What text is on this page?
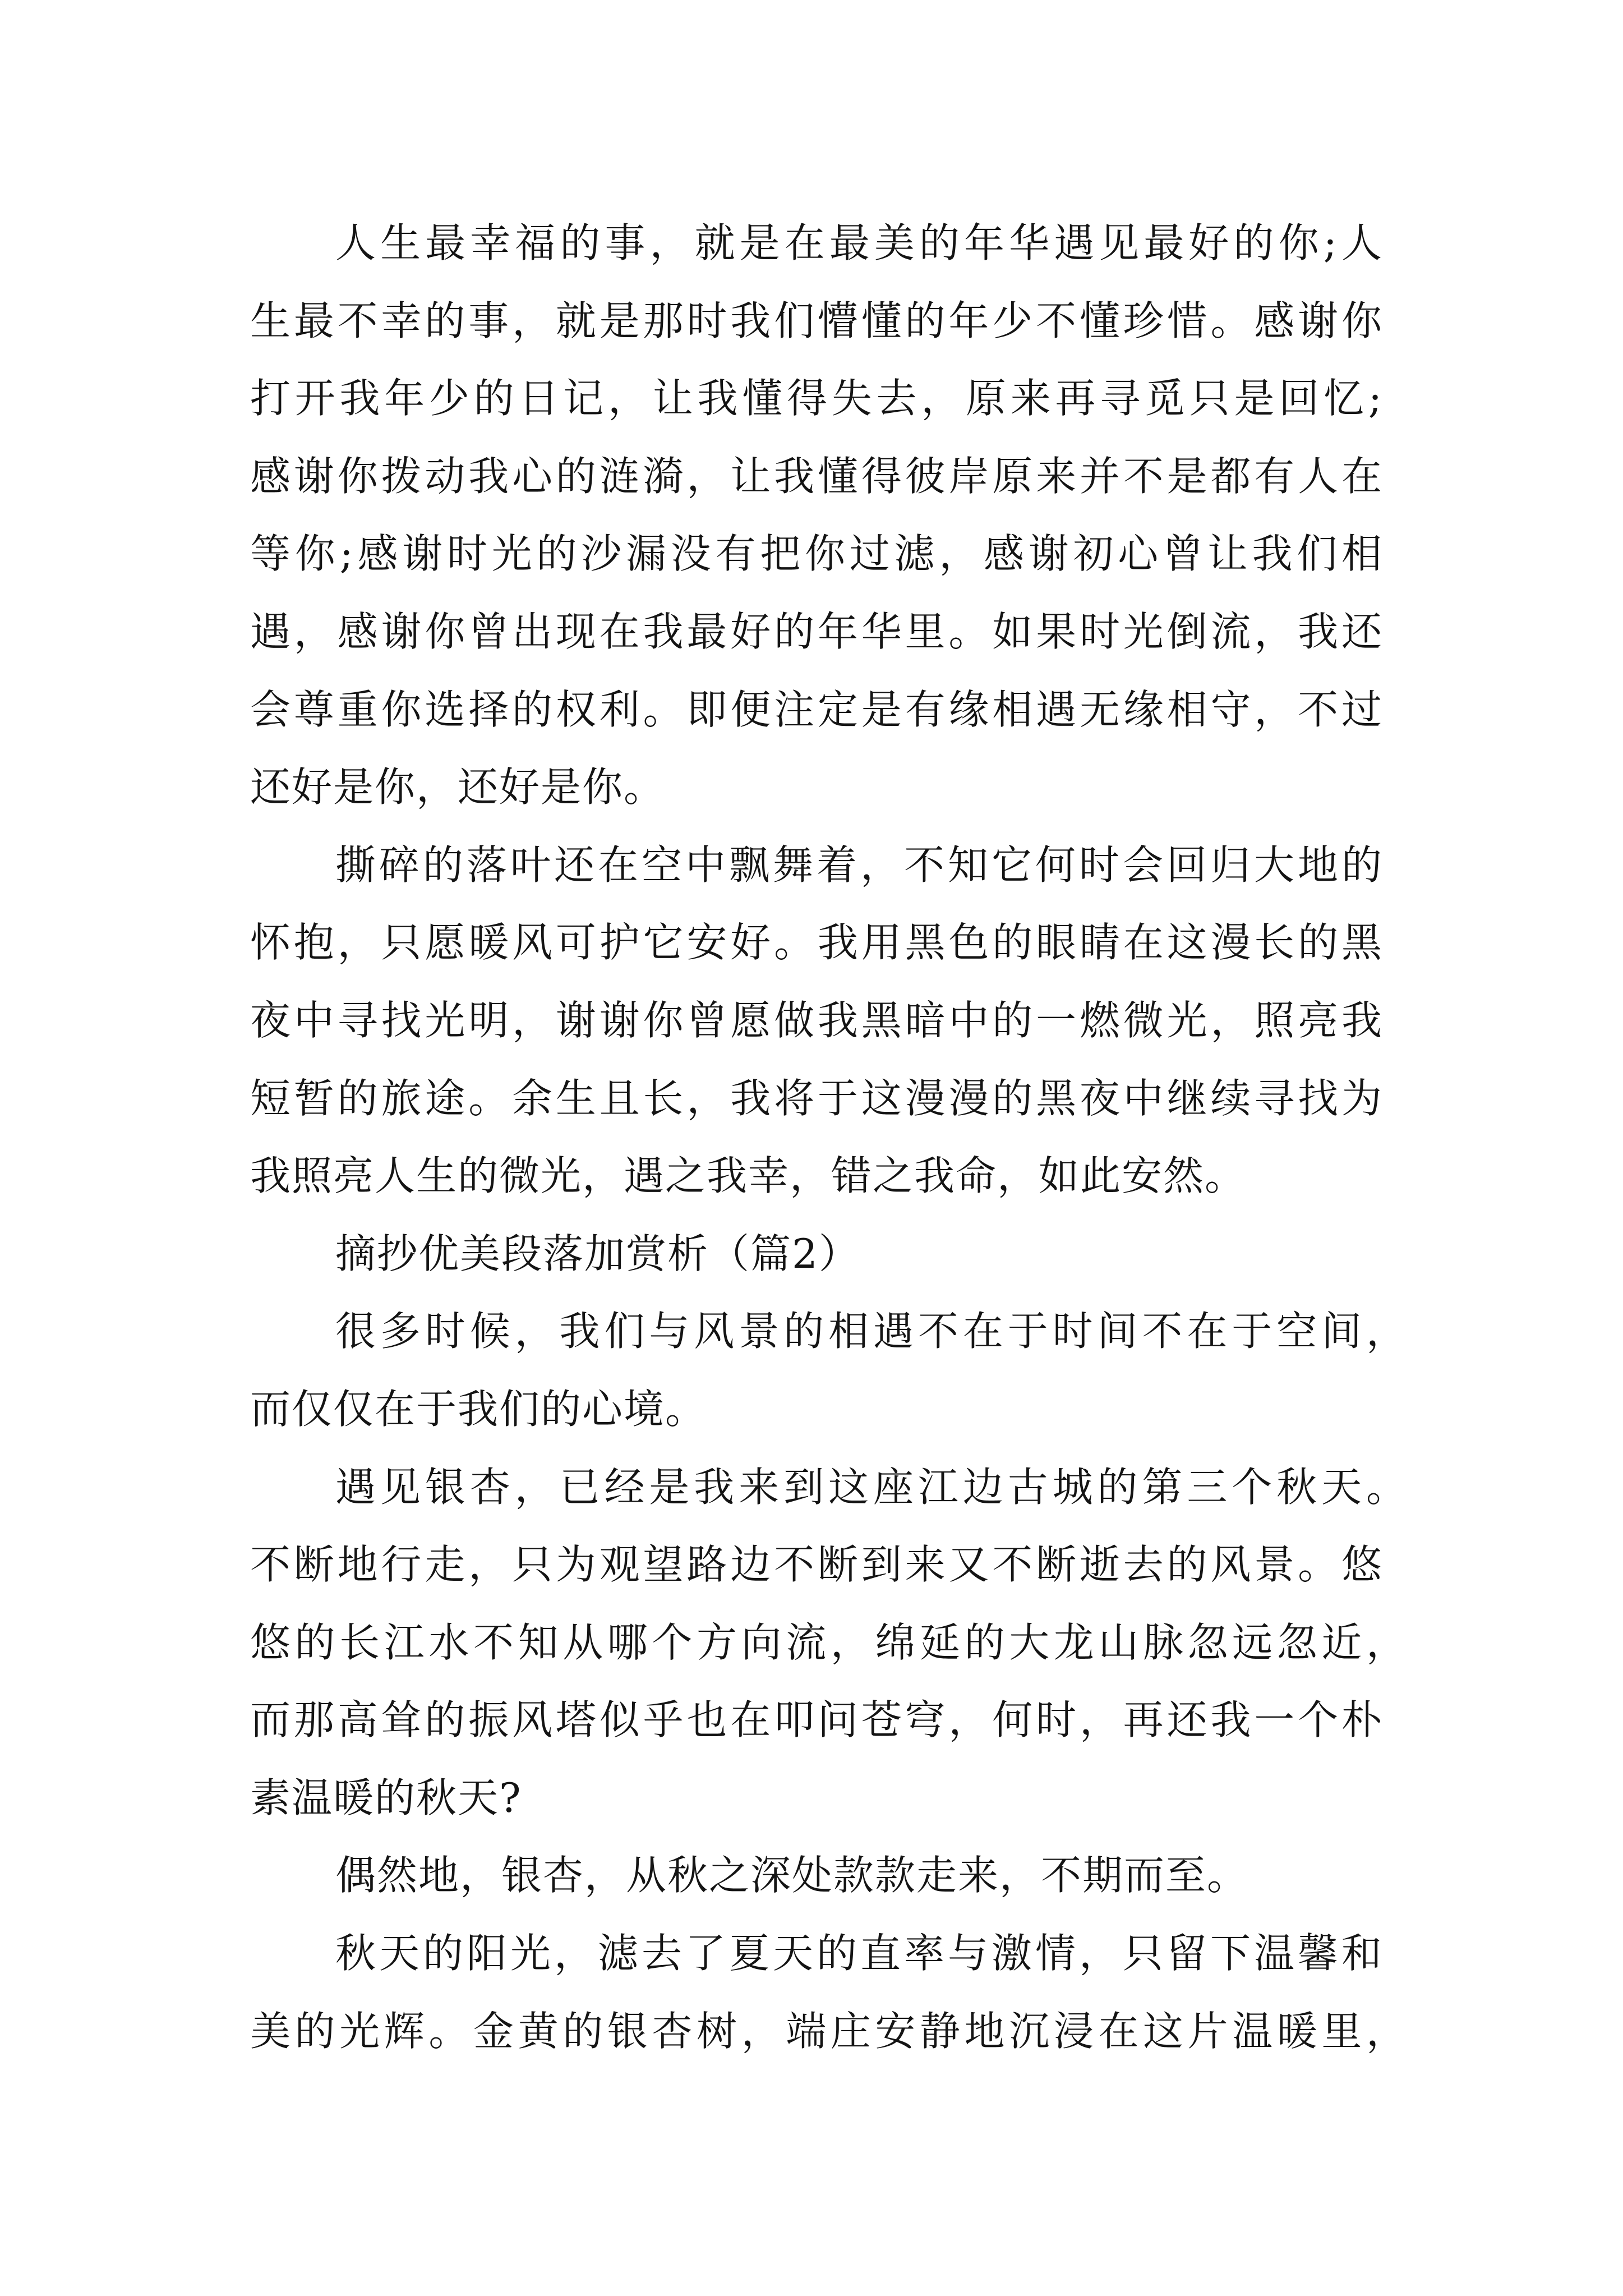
人生最幸福的事，就是在最美的年华遇见最好的你;人
生最不幸的事，就是那时我们懵懂的年少不懂珍惜。感谢你
打开我年少的日记，让我懂得失去，原来再寻觅只是回忆;
感谢你拨动我心的涟漪，让我懂得彼岸原来并不是都有人在
等你;感谢时光的沙漏没有把你过滤，感谢初心曾让我们相
遇，感谢你曾出现在我最好的年华里。如果时光倒流，我还
会尊重你选择的权利。即便注定是有缘相遇无缘相守，不过
还好是你，还好是你。
撕碎的落叶还在空中飘舞着，不知它何时会回归大地的
怀抱，只愿暖风可护它安好。我用黑色的眼睛在这漫长的黑
夜中寻找光明，谢谢你曾愿做我黑暗中的一燃微光，照亮我
短暂的旅途。余生且长，我将于这漫漫的黑夜中继续寻找为
我照亮人生的微光，遇之我幸，错之我命，如此安然。
摘抄优美段落加赏析（篇2）
很多时候，我们与风景的相遇不在于时间不在于空间，
而仅仅在于我们的心境。
遇见银杏，已经是我来到这座江边古城的第三个秋天。
不断地行走，只为观望路边不断到来又不断逝去的风景。悠
悠的长江水不知从哪个方向流，绵延的大龙山脉忽远忽近，
而那高耸的振风塔似乎也在叩问苍穹，何时，再还我一个朴
素温暖的秋天?
偶然地，银杏，从秋之深处款款走来，不期而至。
秋天的阳光，滤去了夏天的直率与激情，只留下温馨和
美的光辉。金黄的银杏树，端庄安静地沉浸在这片温暖里，
